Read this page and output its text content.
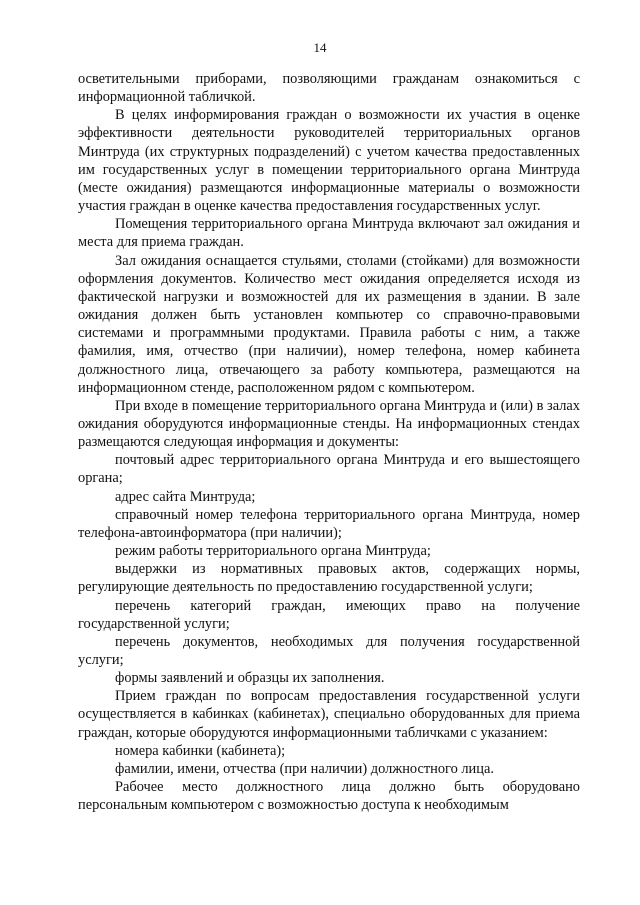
14

осветительными приборами, позволяющими гражданам ознакомиться с информационной табличкой.

В целях информирования граждан о возможности их участия в оценке эффективности деятельности руководителей территориальных органов Минтруда (их структурных подразделений) с учетом качества предоставленных им государственных услуг в помещении территориального органа Минтруда (месте ожидания) размещаются информационные материалы о возможности участия граждан в оценке качества предоставления государственных услуг.

Помещения территориального органа Минтруда включают зал ожидания и места для приема граждан.

Зал ожидания оснащается стульями, столами (стойками) для возможности оформления документов. Количество мест ожидания определяется исходя из фактической нагрузки и возможностей для их размещения в здании. В зале ожидания должен быть установлен компьютер со справочно-правовыми системами и программными продуктами. Правила работы с ним, а также фамилия, имя, отчество (при наличии), номер телефона, номер кабинета должностного лица, отвечающего за работу компьютера, размещаются на информационном стенде, расположенном рядом с компьютером.

При входе в помещение территориального органа Минтруда и (или) в залах ожидания оборудуются информационные стенды. На информационных стендах размещаются следующая информация и документы:

почтовый адрес территориального органа Минтруда и его вышестоящего органа;

адрес сайта Минтруда;

справочный номер телефона территориального органа Минтруда, номер телефона-автоинформатора (при наличии);

режим работы территориального органа Минтруда;

выдержки из нормативных правовых актов, содержащих нормы, регулирующие деятельность по предоставлению государственной услуги;

перечень категорий граждан, имеющих право на получение государственной услуги;

перечень документов, необходимых для получения государственной услуги;

формы заявлений и образцы их заполнения.

Прием граждан по вопросам предоставления государственной услуги осуществляется в кабинках (кабинетах), специально оборудованных для приема граждан, которые оборудуются информационными табличками с указанием:

номера кабинки (кабинета);

фамилии, имени, отчества (при наличии) должностного лица.

Рабочее место должностного лица должно быть оборудовано персональным компьютером с возможностью доступа к необходимым
